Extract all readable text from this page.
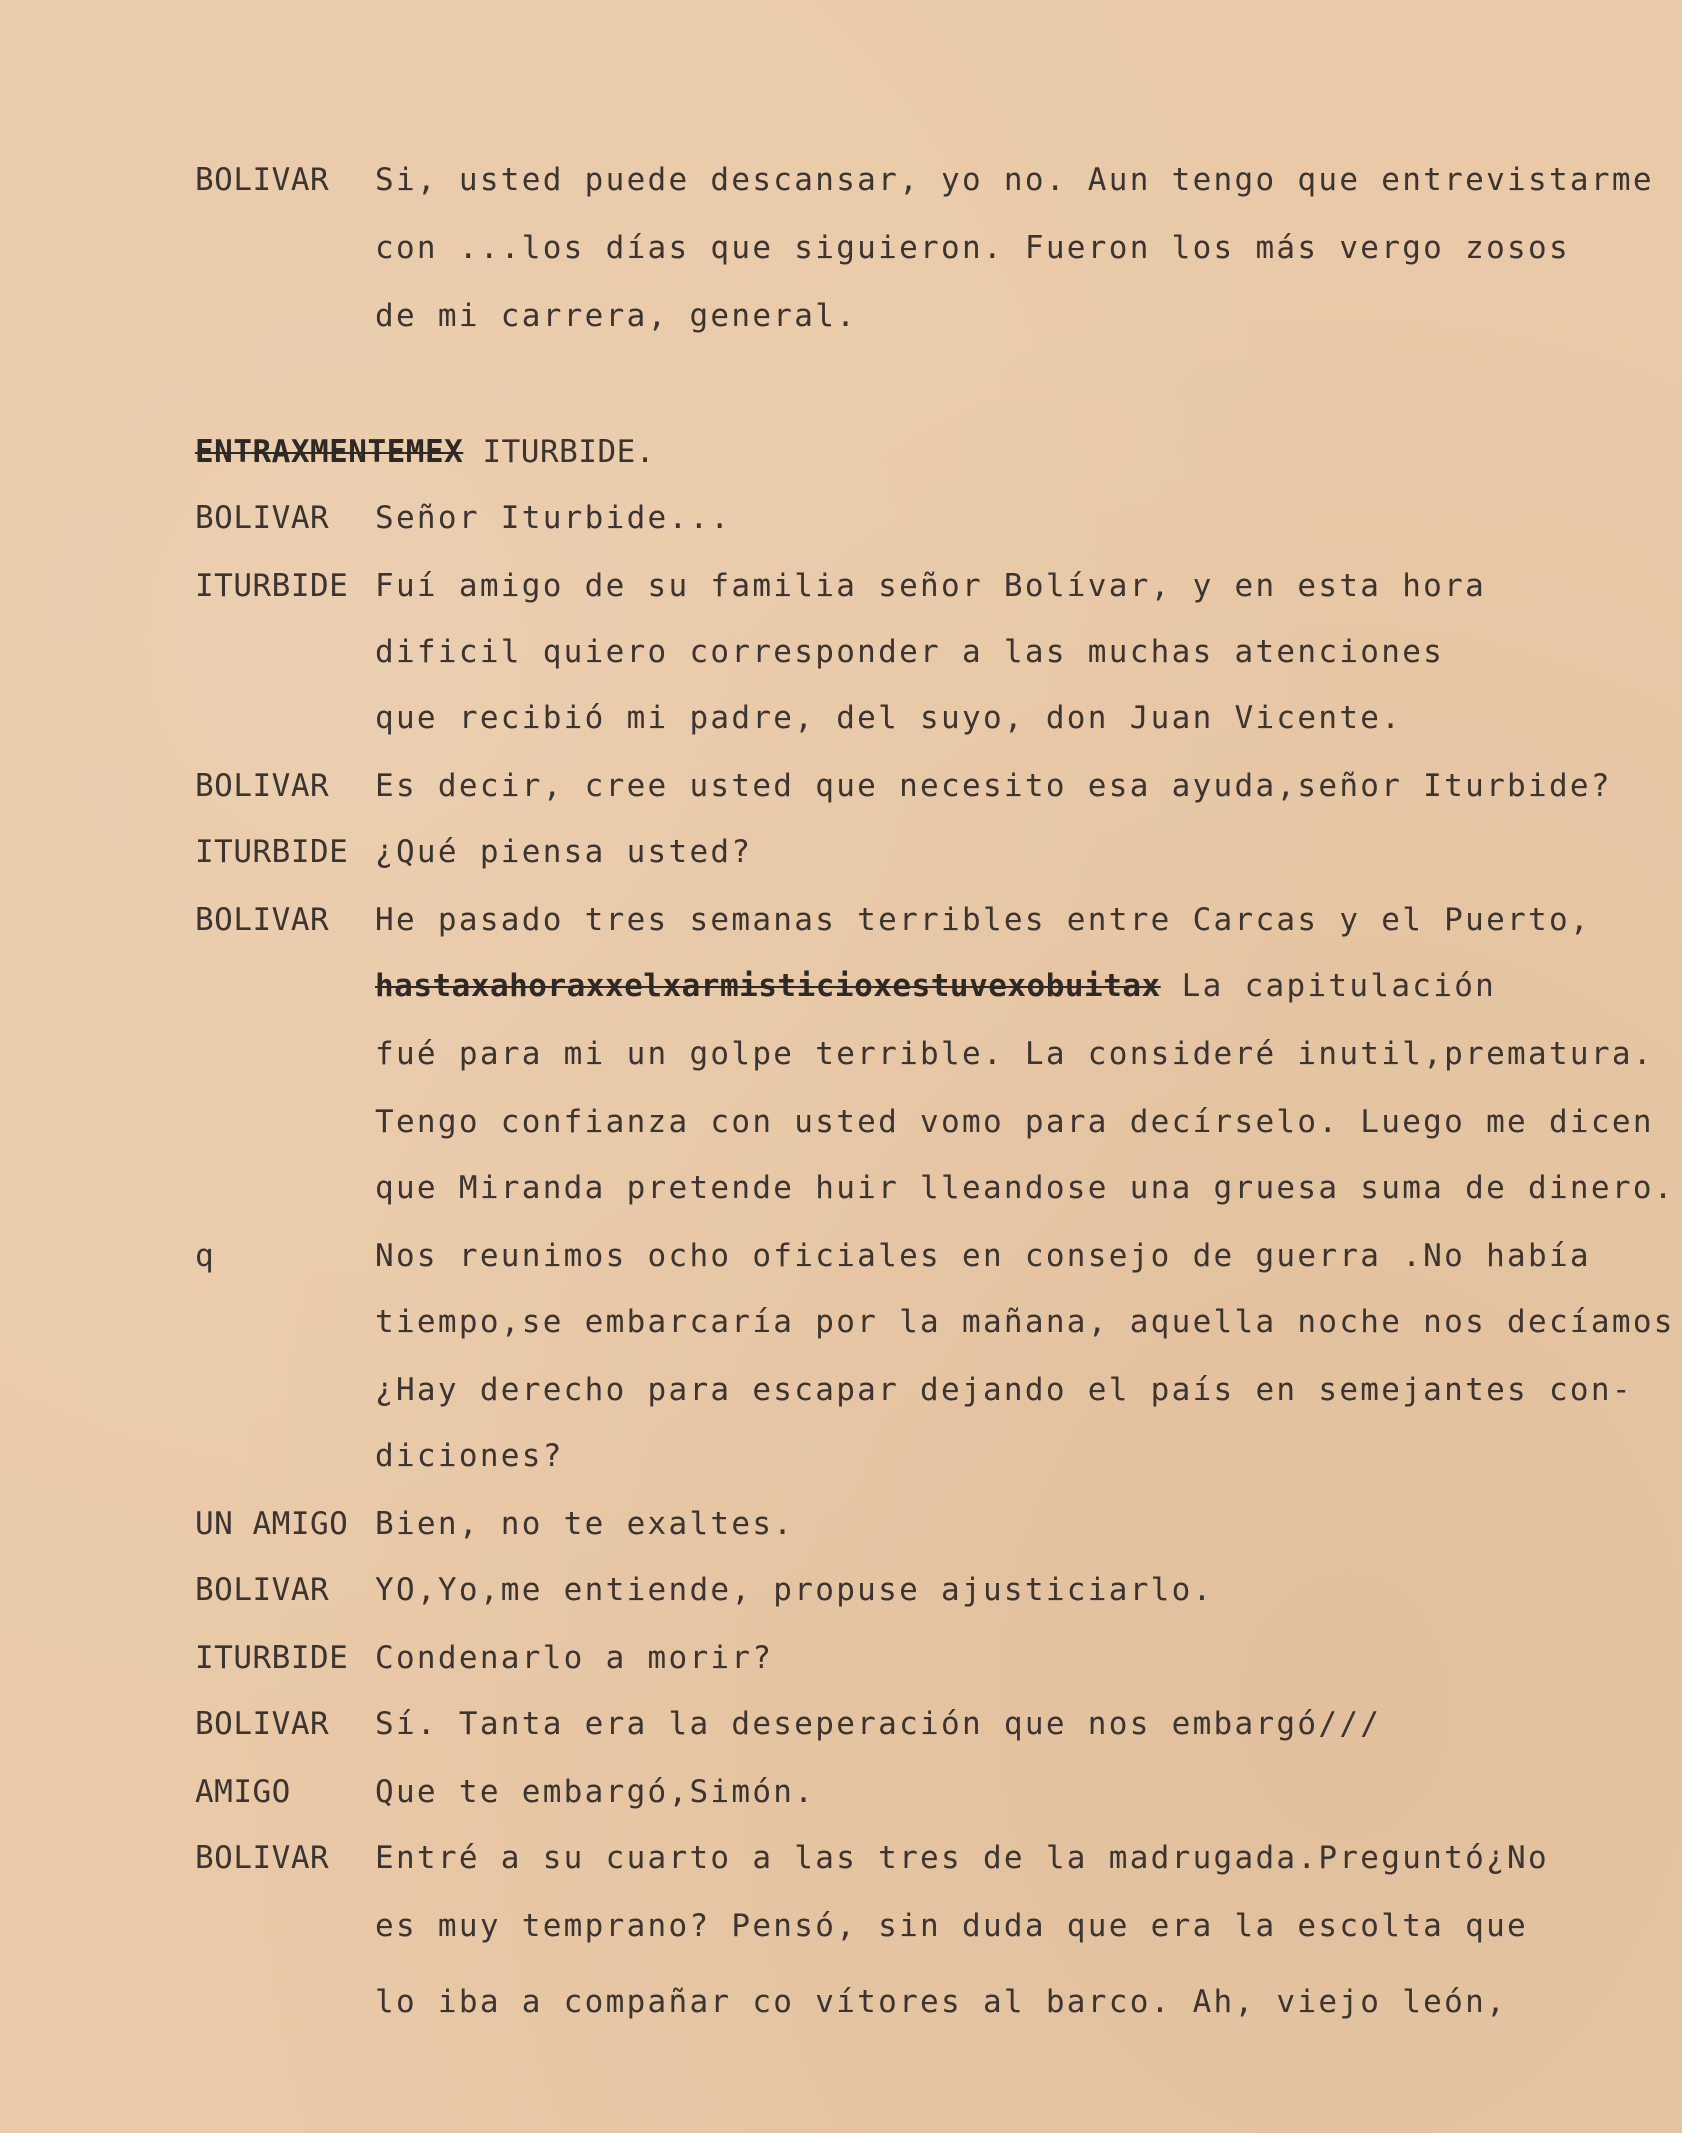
BOLIVAR	Si, usted puede descansar, yo no. Aun tengo que entrevistarme
con ...los días que siguieron. Fueron los más vergo zosos
de mi carrera, general.
ENTRAXMENTEMEX ITURBIDE.
BOLIVAR	Señor Iturbide...
ITURBIDE Fuí amigo de su familia señor Bolívar, y en esta hora
dificil quiero corresponder a las muchas atenciones
que recibió mi padre, del suyo, don Juan Vicente.
BOLIVAR	Es decir, cree usted que necesito esa ayuda,señor Iturbide?
ITURBIDE ¿Qué piensa usted?
BOLIVAR	He pasado tres semanas terribles entre Carcas y el Puerto,
hastaxahoraxxelxarmisticioxestuvexobuitax La capitulación
fué para mi un golpe terrible. La consideré inutil,prematura.
Tengo confianza con usted vomo para decírselo. Luego me dicen
que Miranda pretende huir lleandose una gruesa suma de dinero.
q	Nos reunimos ocho oficiales en consejo de guerra .No había
tiempo,se embarcaría por la mañana, aquella noche nos decíamos
¿Hay derecho para escapar dejando el país en semejantes con-
diciones?
UN AMIGO Bien, no te exaltes.
BOLIVAR	YO,Yo,me entiende, propuse ajusticiarlo.
ITURBIDE Condenarlo a morir?
BOLIVAR	Sí. Tanta era la deseperación que nos embargó///
AMIGO	Que te embargó,Simón.
BOLIVAR	Entré a su cuarto a las tres de la madrugada.Preguntó¿No
es muy temprano? Pensó, sin duda que era la escolta que
lo iba a compañar co vítores al barco. Ah, viejo león,
